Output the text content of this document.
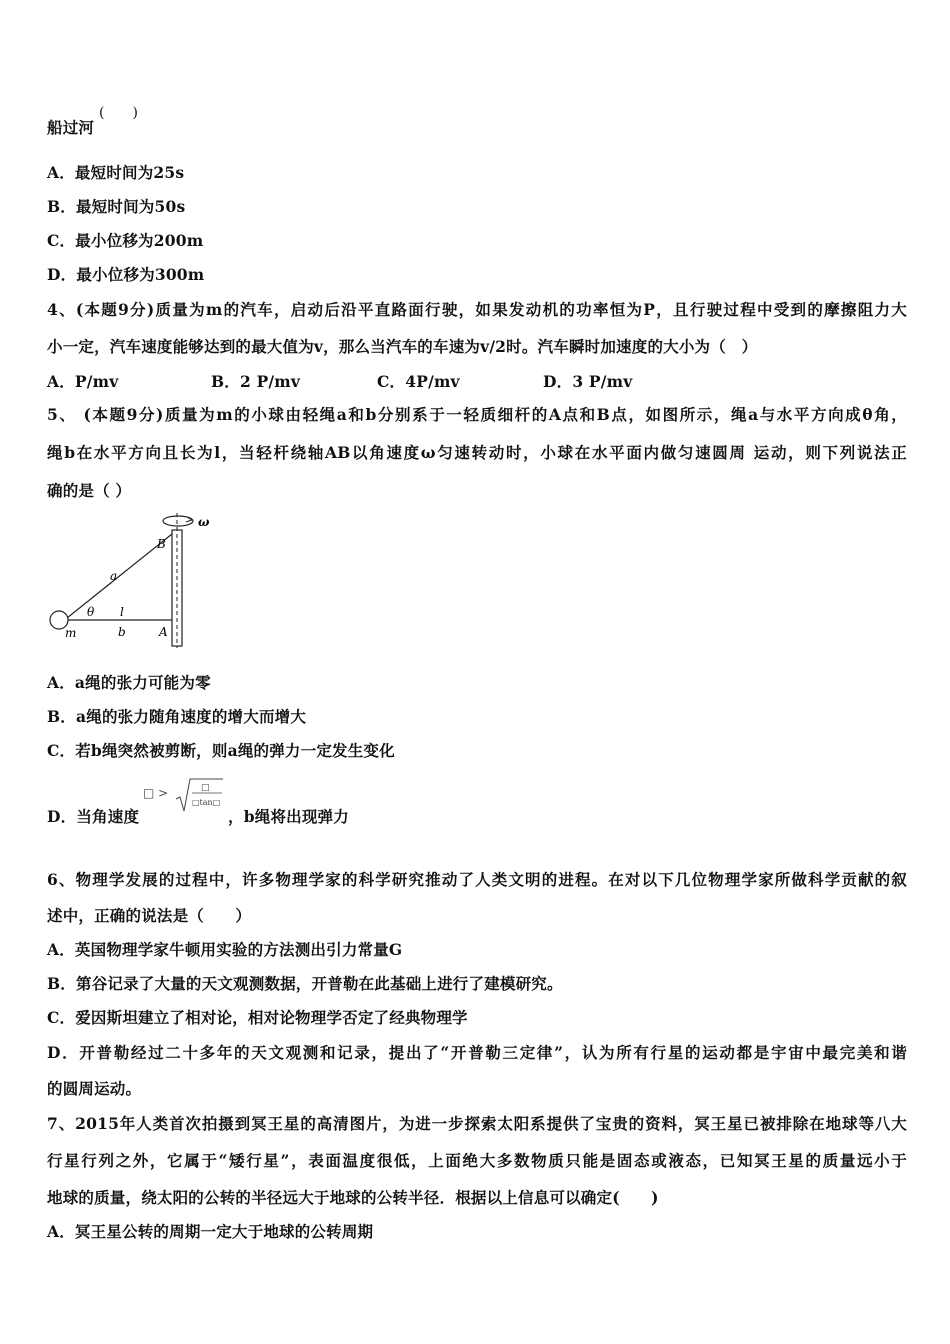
船过河
(　　)
A．最短时间为25s
B．最短时间为50s
C．最小位移为200m
D．最小位移为300m
4、(本题9分)质量为m的汽车，启动后沿平直路面行驶，如果发动机的功率恒为P，且行驶过程中受到的摩擦阻力大
小一定，汽车速度能够达到的最大值为v，那么当汽车的车速为v/2时。汽车瞬时加速度的大小为（　）
A．P/mv	B．2 P/mv	C．4P/mv	D．3 P/mv
5、 (本题9分)质量为m的小球由轻绳a和b分别系于一轻质细杆的A点和B点，如图所示，绳a与水平方向成θ角，
绳b在水平方向且长为l，当轻杆绕轴AB以角速度ω匀速转动时，小球在水平面内做匀速圆周 运动，则下列说法正
确的是（ ）
ω
B
a
θ l
m	b	A
A．a绳的张力可能为零
B．a绳的张力随角速度的增大而增大
C．若b绳突然被剪断，则a绳的弹力一定发生变化
D．当角速度
□ >	□
□tan□
，b绳将出现弹力
6、物理学发展的过程中，许多物理学家的科学研究推动了人类文明的进程。在对以下几位物理学家所做科学贡献的叙
述中，正确的说法是（　　）
A．英国物理学家牛顿用实验的方法测出引力常量G
B．第谷记录了大量的天文观测数据，开普勒在此基础上进行了建模研究。
C．爱因斯坦建立了相对论，相对论物理学否定了经典物理学
D．开普勒经过二十多年的天文观测和记录，提出了“开普勒三定律”，认为所有行星的运动都是宇宙中最完美和谐
的圆周运动。
7、2015年人类首次拍摄到冥王星的高清图片，为进一步探索太阳系提供了宝贵的资料，冥王星已被排除在地球等八大
行星行列之外，它属于“矮行星”，表面温度很低，上面绝大多数物质只能是固态或液态，已知冥王星的质量远小于
地球的质量，绕太阳的公转的半径远大于地球的公转半径．根据以上信息可以确定(　　)
A．冥王星公转的周期一定大于地球的公转周期
